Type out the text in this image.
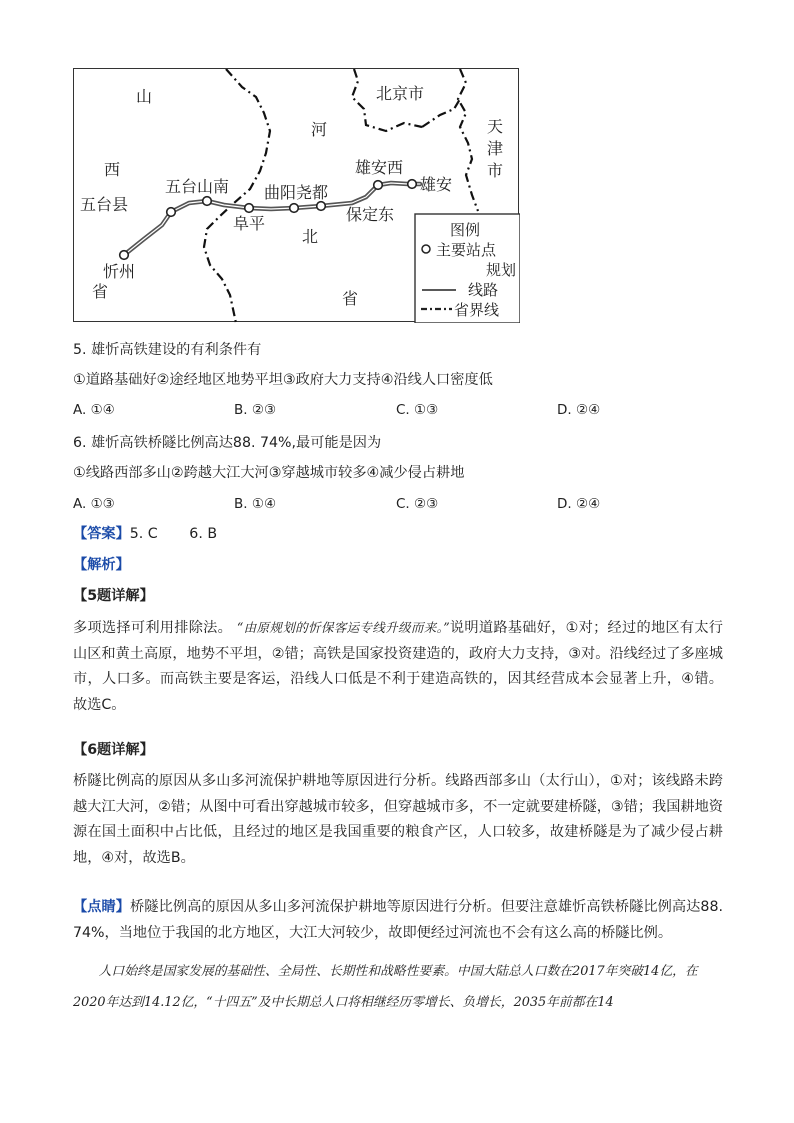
山
西
省
河
北
省
北京市
天
津
市
忻州
五台县
五台山南
阜平
曲阳尧都
保定东
雄安西
雄安
图例
主要站点
规划
线路
省界线
5. 雄忻高铁建设的有利条件有
①道路基础好②途经地区地势平坦③政府大力支持④沿线人口密度低
A. ①④	B. ②③	C. ①③	D. ②④
6. 雄忻高铁桥隧比例高达88. 74%,最可能是因为
①线路西部多山②跨越大江大河③穿越城市较多④减少侵占耕地
A. ①③	B. ①④	C. ②③	D. ②④
【答案】5. C       6. B
【解析】
【5题详解】
多项选择可利用排除法。 “由原规划的忻保客运专线升级而来。”说明道路基础好，①对；经过的地区有太行山区和黄土高原，地势不平坦，②错；高铁是国家投资建造的，政府大力支持，③对。沿线经过了多座城市，人口多。而高铁主要是客运，沿线人口低是不利于建造高铁的，因其经营成本会显著上升，④错。故选C。
【6题详解】
桥隧比例高的原因从多山多河流保护耕地等原因进行分析。线路西部多山（太行山），①对；该线路未跨越大江大河，②错；从图中可看出穿越城市较多，但穿越城市多，不一定就要建桥隧，③错；我国耕地资源在国土面积中占比低，且经过的地区是我国重要的粮食产区，人口较多，故建桥隧是为了减少侵占耕地，④对，故选B。
【点睛】桥隧比例高的原因从多山多河流保护耕地等原因进行分析。但要注意雄忻高铁桥隧比例高达88. 74%，当地位于我国的北方地区，大江大河较少，故即便经过河流也不会有这么高的桥隧比例。
　　人口始终是国家发展的基础性、全局性、长期性和战略性要素。中国大陆总人口数在2017年突破14亿，在2020年达到14.12亿，“十四五”及中长期总人口将相继经历零增长、负增长，2035年前都在14
